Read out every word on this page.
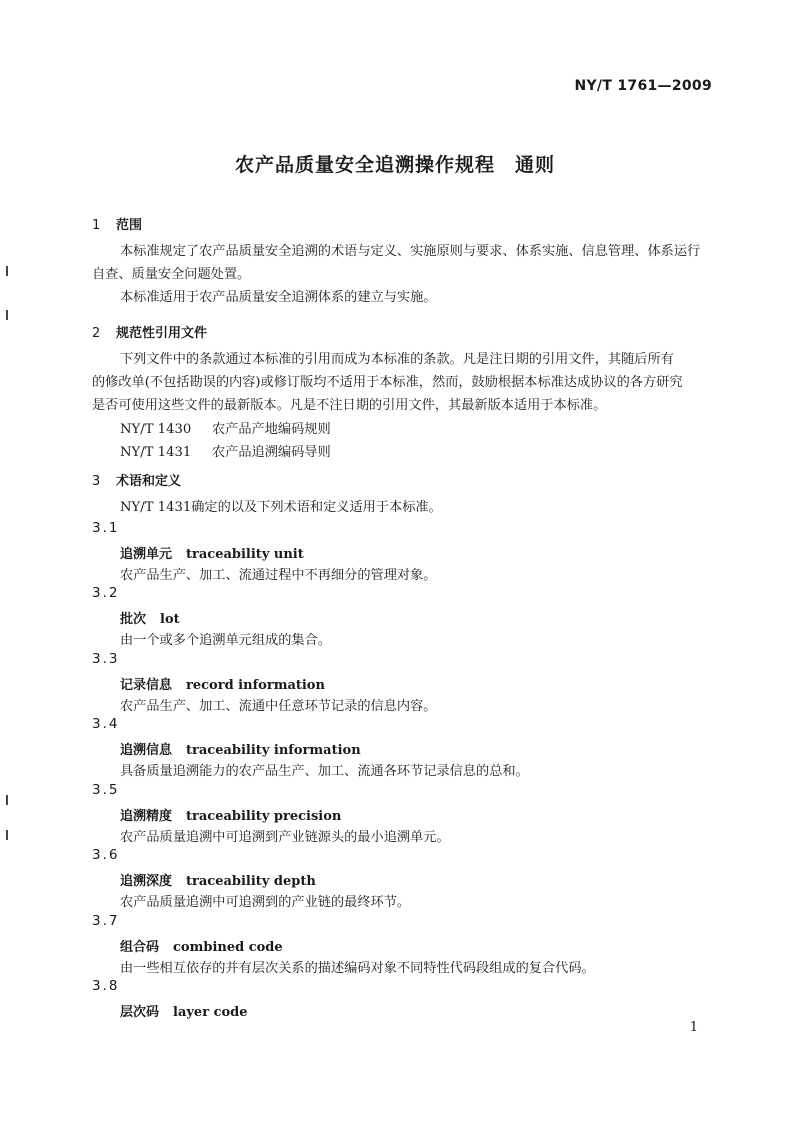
NY/T 1761—2009
农产品质量安全追溯操作规程　通则
1 范围
本标准规定了农产品质量安全追溯的术语与定义、实施原则与要求、体系实施、信息管理、体系运行
自查、质量安全问题处置。
本标准适用于农产品质量安全追溯体系的建立与实施。
2 规范性引用文件
下列文件中的条款通过本标准的引用而成为本标准的条款。凡是注日期的引用文件，其随后所有
的修改单(不包括勘误的内容)或修订版均不适用于本标准，然而，鼓励根据本标准达成协议的各方研究
是否可使用这些文件的最新版本。凡是不注日期的引用文件，其最新版本适用于本标准。
NY/T 1430 农产品产地编码规则
NY/T 1431 农产品追溯编码导则
3 术语和定义
NY/T 1431确定的以及下列术语和定义适用于本标准。
3.1
追溯单元 traceability unit
农产品生产、加工、流通过程中不再细分的管理对象。
3.2
批次 lot
由一个或多个追溯单元组成的集合。
3.3
记录信息 record information
农产品生产、加工、流通中任意环节记录的信息内容。
3.4
追溯信息 traceability information
具备质量追溯能力的农产品生产、加工、流通各环节记录信息的总和。
3.5
追溯精度 traceability precision
农产品质量追溯中可追溯到产业链源头的最小追溯单元。
3.6
追溯深度 traceability depth
农产品质量追溯中可追溯到的产业链的最终环节。
3.7
组合码 combined code
由一些相互依存的并有层次关系的描述编码对象不同特性代码段组成的复合代码。
3.8
层次码 layer code
1
